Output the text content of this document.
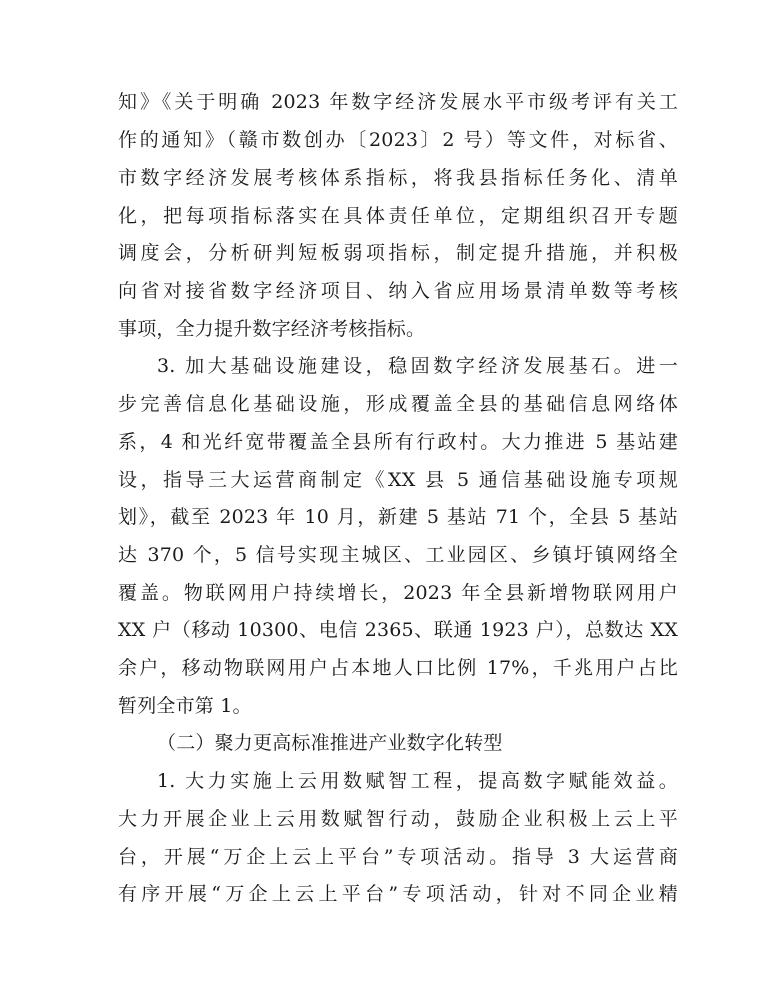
知》《关于明确 2023 年数字经济发展水平市级考评有关工
作的通知》（赣市数创办〔2023〕2 号）等文件，对标省、
市数字经济发展考核体系指标，将我县指标任务化、清单
化，把每项指标落实在具体责任单位，定期组织召开专题
调度会，分析研判短板弱项指标，制定提升措施，并积极
向省对接省数字经济项目、纳入省应用场景清单数等考核
事项，全力提升数字经济考核指标。
3. 加大基础设施建设，稳固数字经济发展基石。进一
步完善信息化基础设施，形成覆盖全县的基础信息网络体
系，4 和光纤宽带覆盖全县所有行政村。大力推进 5 基站建
设，指导三大运营商制定《XX 县 5 通信基础设施专项规
划》，截至 2023 年 10 月，新建 5 基站 71 个，全县 5 基站
达 370 个，5 信号实现主城区、工业园区、乡镇圩镇网络全
覆盖。物联网用户持续增长，2023 年全县新增物联网用户
XX 户（移动 10300、电信 2365、联通 1923 户），总数达 XX
余户，移动物联网用户占本地人口比例 17%，千兆用户占比
暂列全市第 1。
（二）聚力更高标准推进产业数字化转型
1. 大力实施上云用数赋智工程，提高数字赋能效益。
大力开展企业上云用数赋智行动，鼓励企业积极上云上平
台，开展“万企上云上平台”专项活动。指导 3 大运营商
有序开展“万企上云上平台”专项活动，针对不同企业精
